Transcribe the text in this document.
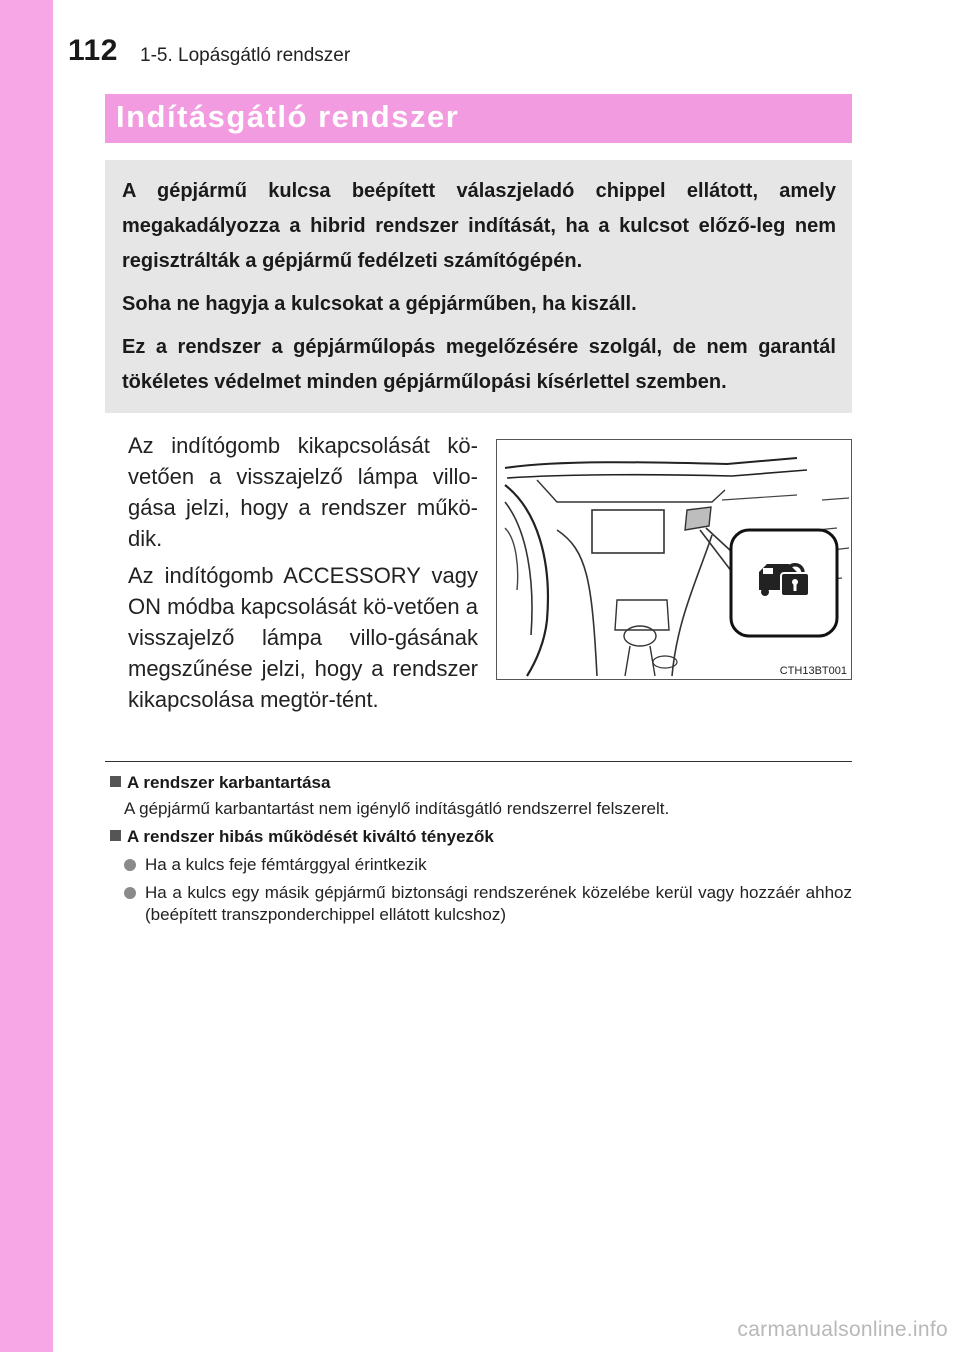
112 1-5. Lopásgátló rendszer
Indításgátló rendszer

A gépjármű kulcsa beépített válaszjeladó chippel ellátott, amely megakadályozza a hibrid rendszer indítását, ha a kulcsot előző-leg nem regisztrálták a gépjármű fedélzeti számítógépén.

Soha ne hagyja a kulcsokat a gépjárműben, ha kiszáll.

Ez a rendszer a gépjárműlopás megelőzésére szolgál, de nem garantál tökéletes védelmet minden gépjárműlopási kísérlettel szemben.

Az indítógomb kikapcsolását kö-vetően a visszajelző lámpa villo-gása jelzi, hogy a rendszer műkö-dik.

Az indítógomb ACCESSORY vagy ON módba kapcsolását kö-vetően a visszajelző lámpa villo-gásának megszűnése jelzi, hogy a rendszer kikapcsolása megtör-tént.

CTH13BT001
A rendszer karbantartása
A gépjármű karbantartást nem igénylő indításgátló rendszerrel felszerelt.
A rendszer hibás működését kiváltó tényezők
Ha a kulcs feje fémtárggyal érintkezik
Ha a kulcs egy másik gépjármű biztonsági rendszerének közelébe kerül vagy hozzáér ahhoz (beépített transzponderchippel ellátott kulcshoz)
carmanualsonline.info
